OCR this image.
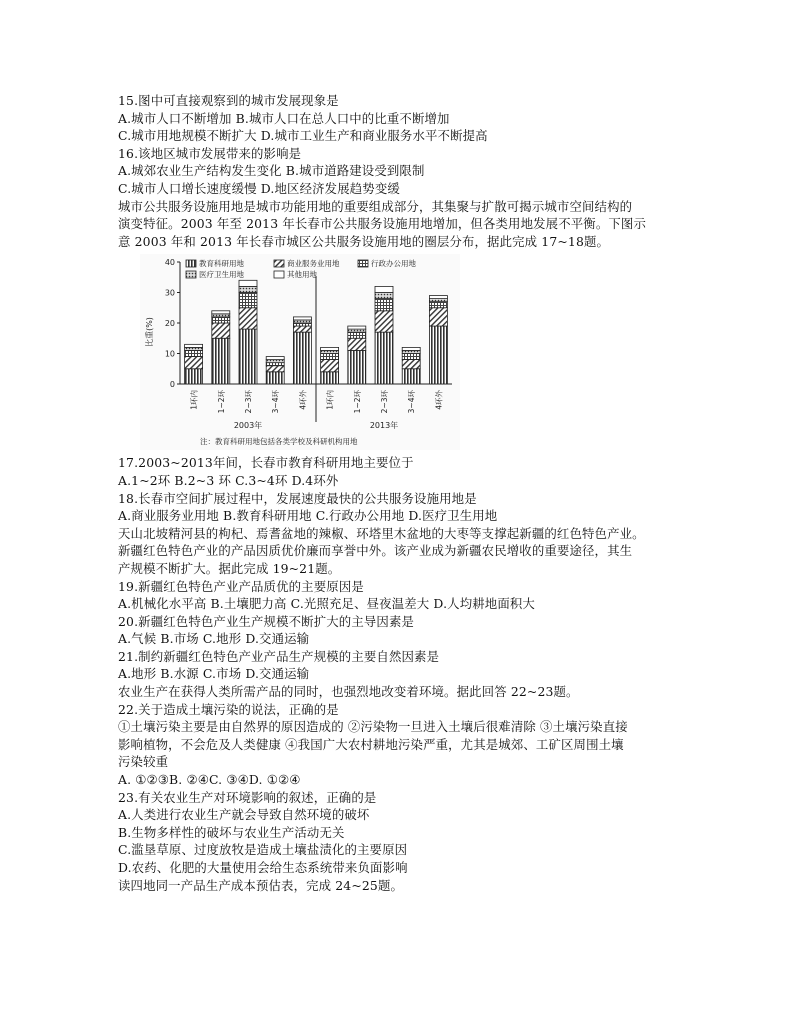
15.图中可直接观察到的城市发展现象是
A.城市人口不断增加 B.城市人口在总人口中的比重不断增加
C.城市用地规模不断扩大 D.城市工业生产和商业服务水平不断提高
16.该地区城市发展带来的影响是
A.城郊农业生产结构发生变化 B.城市道路建设受到限制
C.城市人口增长速度缓慢 D.地区经济发展趋势变缓
城市公共服务设施用地是城市功能用地的重要组成部分，其集聚与扩散可揭示城市空间结构的
演变特征。2003 年至 2013 年长春市公共服务设施用地增加，但各类用地发展不平衡。下图示
意 2003 年和 2013 年长春市城区公共服务设施用地的圈层分布，据此完成 17~18题。
0
10
20
30
40
比重(%)
1环内 1~2环 2~3环 3~4环 4环外
2003年
1环内 1~2环 2~3环 3~4环 4环外
2013年
教育科研用地	商业服务业用地	行政办公用地
医疗卫生用地	其他用地
注：教育科研用地包括各类学校及科研机构用地
17.2003~2013年间，长春市教育科研用地主要位于
A.1~2环 B.2~3 环 C.3~4环 D.4环外
18.长春市空间扩展过程中，发展速度最快的公共服务设施用地是
A.商业服务业用地 B.教育科研用地 C.行政办公用地 D.医疗卫生用地
天山北坡精河县的枸杞、焉耆盆地的辣椒、环塔里木盆地的大枣等支撑起新疆的红色特色产业。
新疆红色特色产业的产品因质优价廉而享誉中外。该产业成为新疆农民增收的重要途径，其生
产规模不断扩大。据此完成 19~21题。
19.新疆红色特色产业产品质优的主要原因是
A.机械化水平高 B.土壤肥力高 C.光照充足、昼夜温差大 D.人均耕地面积大
20.新疆红色特色产业生产规模不断扩大的主导因素是
A.气候 B.市场 C.地形 D.交通运输
21.制约新疆红色特色产业产品生产规模的主要自然因素是
A.地形 B.水源 C.市场 D.交通运输
农业生产在获得人类所需产品的同时，也强烈地改变着环境。据此回答 22~23题。
22.关于造成土壤污染的说法，正确的是
①土壤污染主要是由自然界的原因造成的 ②污染物一旦进入土壤后很难清除 ③土壤污染直接
影响植物，不会危及人类健康 ④我国广大农村耕地污染严重，尤其是城郊、工矿区周围土壤
污染较重
A. ①②③B. ②④C. ③④D. ①②④
23.有关农业生产对环境影响的叙述，正确的是
A.人类进行农业生产就会导致自然环境的破坏
B.生物多样性的破坏与农业生产活动无关
C.滥垦草原、过度放牧是造成土壤盐渍化的主要原因
D.农药、化肥的大量使用会给生态系统带来负面影响
读四地同一产品生产成本预估表，完成 24~25题。
